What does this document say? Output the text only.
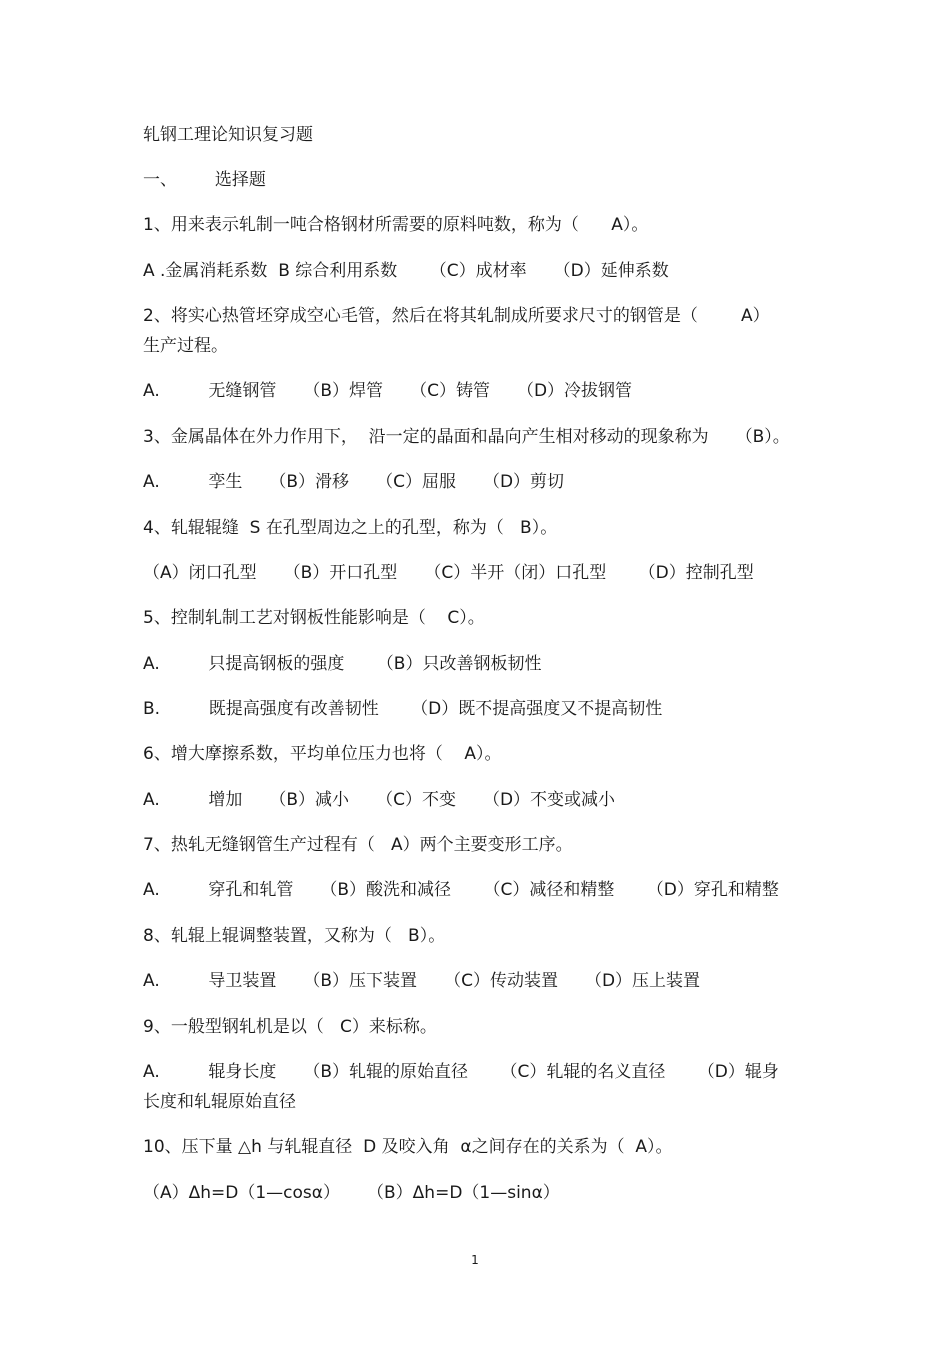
轧钢工理论知识复习题
一、       选择题
1、用来表示轧制一吨合格钢材所需要的原料吨数，称为（      A）。
A .金属消耗系数  B 综合利用系数      （C）成材率     （D）延伸系数
2、将实心热管坯穿成空心毛管，然后在将其轧制成所要求尺寸的钢管是（        A）
生产过程。
A.         无缝钢管     （B）焊管     （C）铸管     （D）冷拔钢管
3、金属晶体在外力作用下，  沿一定的晶面和晶向产生相对移动的现象称为     （B）。
A.         孪生     （B）滑移     （C）屈服     （D）剪切
4、轧辊辊缝  S 在孔型周边之上的孔型，称为（   B）。
（A）闭口孔型     （B）开口孔型     （C）半开（闭）口孔型      （D）控制孔型
5、控制轧制工艺对钢板性能影响是（    C）。
A.         只提高钢板的强度      （B）只改善钢板韧性
B.         既提高强度有改善韧性      （D）既不提高强度又不提高韧性
6、增大摩擦系数，平均单位压力也将（    A）。
A.         增加     （B）减小     （C）不变     （D）不变或减小
7、热轧无缝钢管生产过程有（   A）两个主要变形工序。
A.         穿孔和轧管     （B）酸洗和减径      （C）减径和精整      （D）穿孔和精整
8、轧辊上辊调整装置，又称为（   B）。
A.         导卫装置     （B）压下装置     （C）传动装置     （D）压上装置
9、一般型钢轧机是以（   C）来标称。
A.         辊身长度     （B）轧辊的原始直径      （C）轧辊的名义直径      （D）辊身
长度和轧辊原始直径
10、压下量 △h 与轧辊直径  D 及咬入角  α之间存在的关系为（  A）。
（A）Δh=D（1—cosα）     （B）Δh=D（1—sinα）
1
